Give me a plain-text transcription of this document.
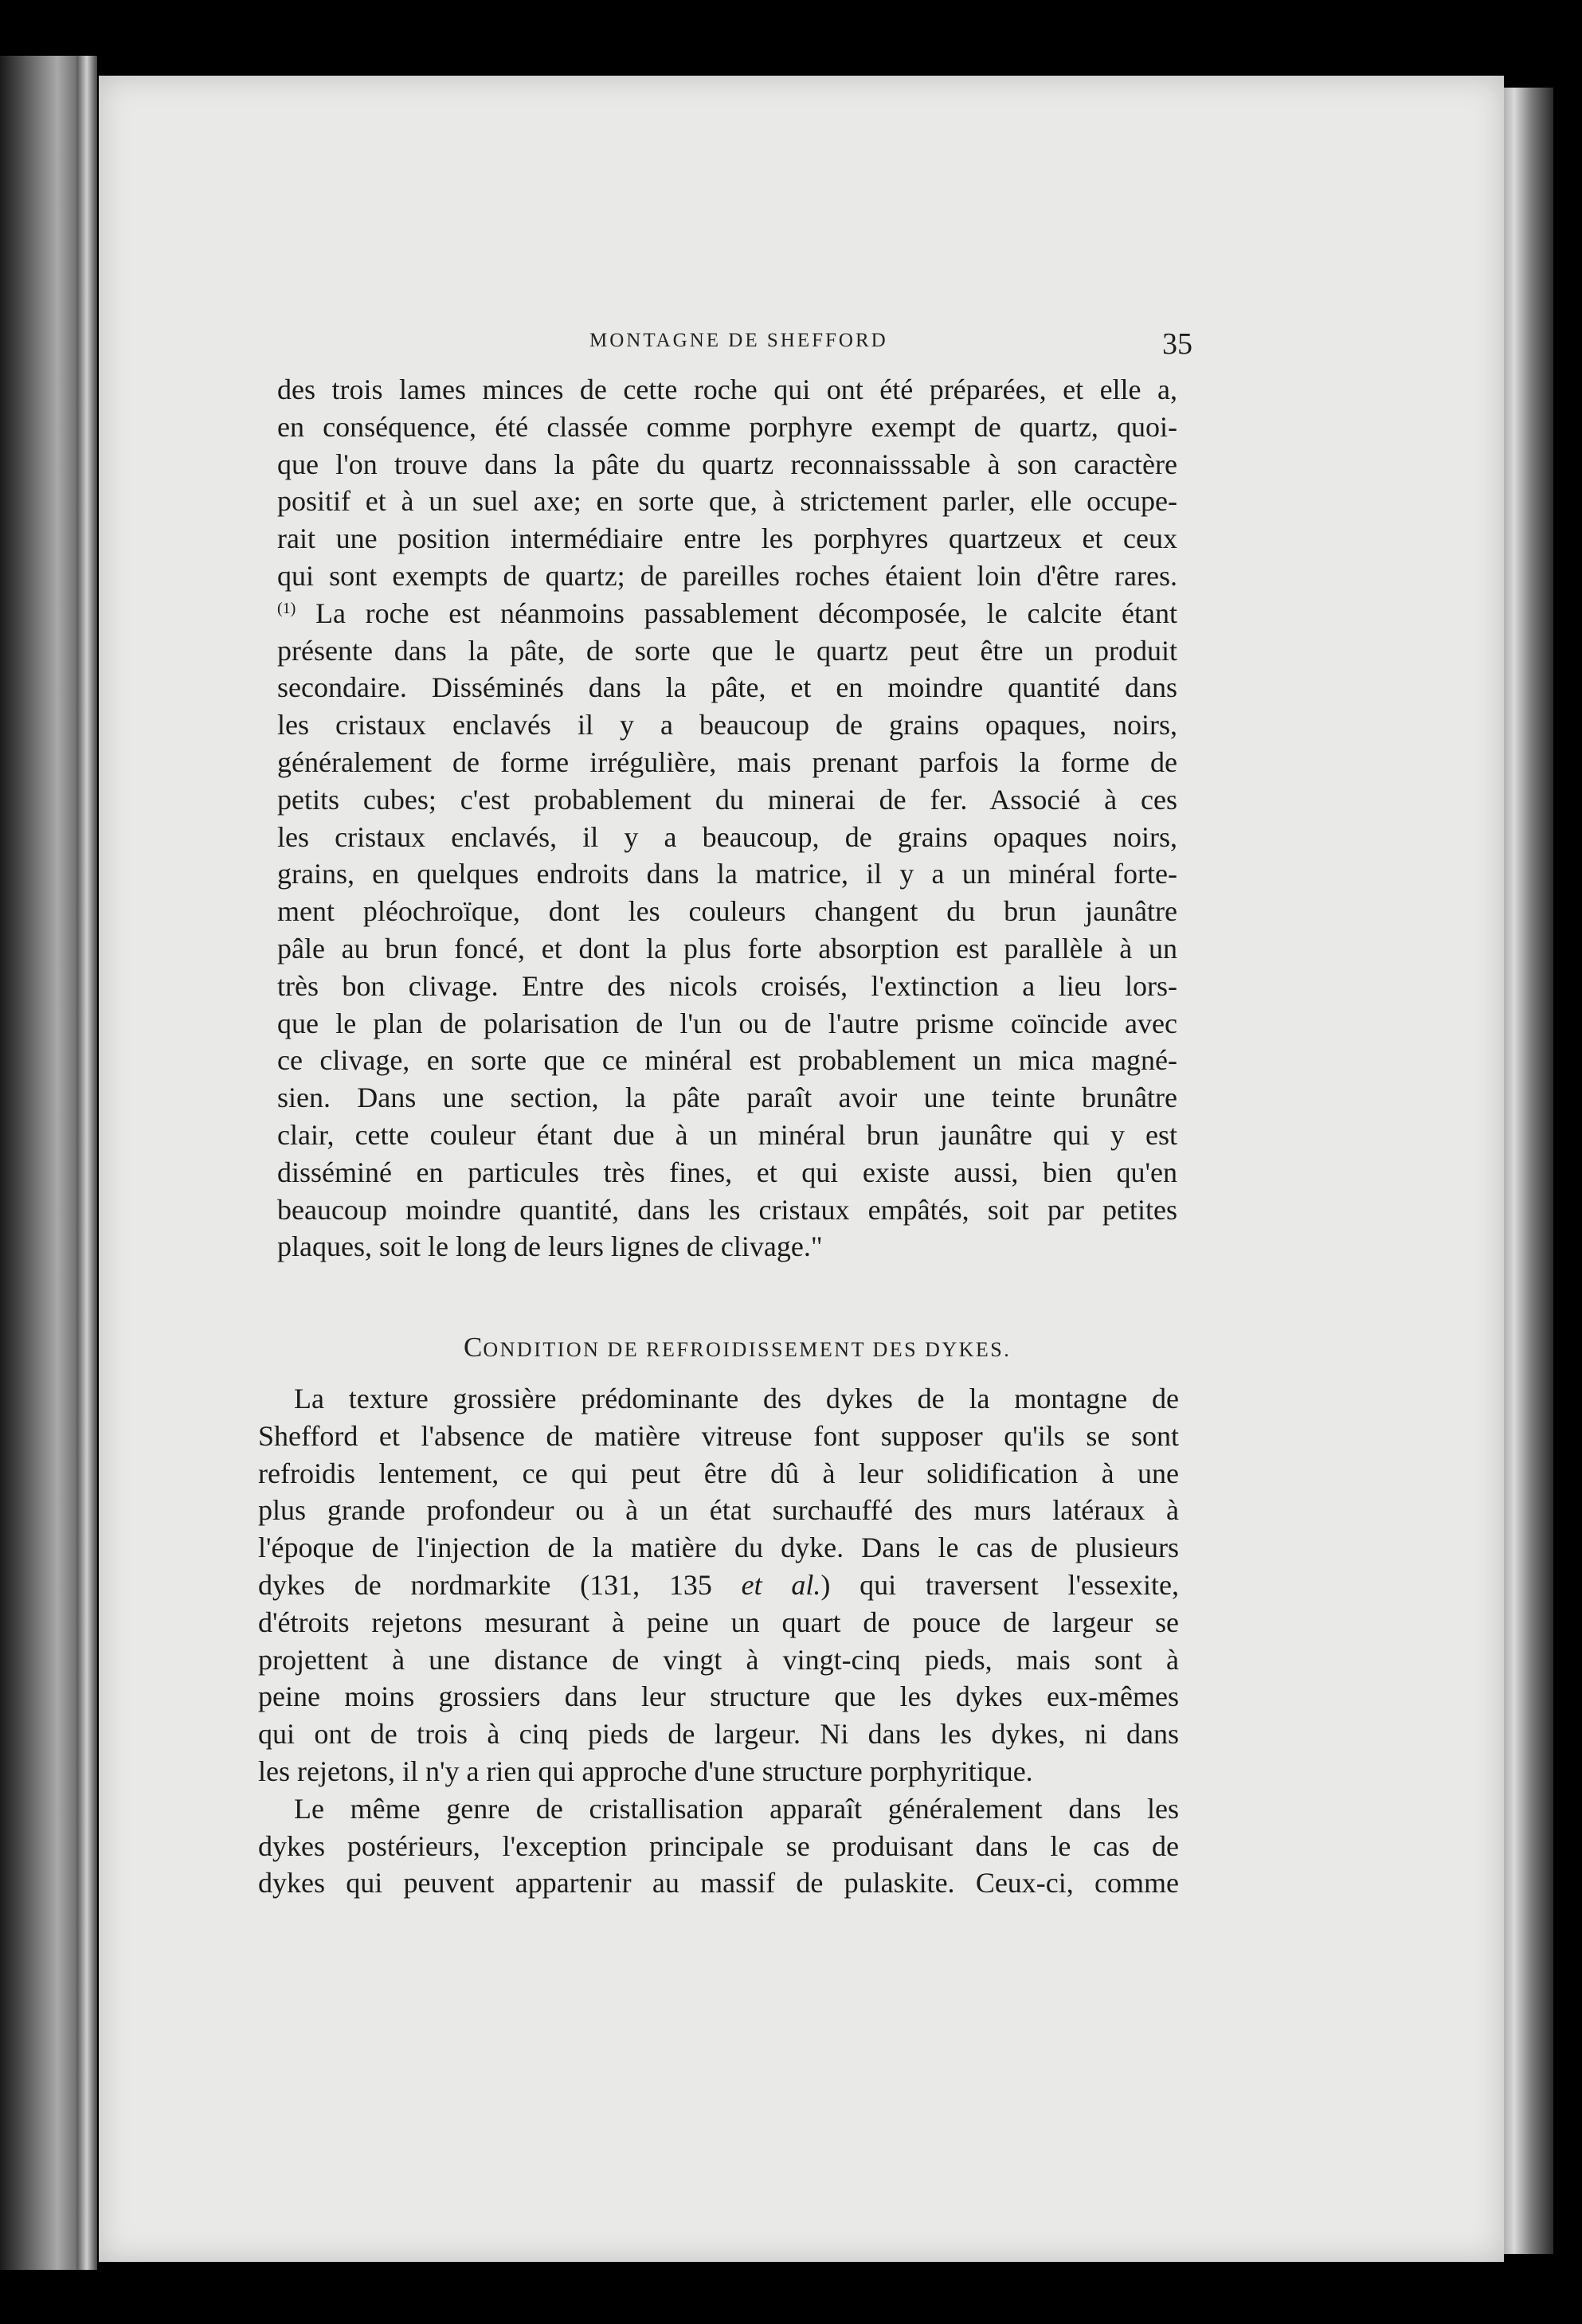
MONTAGNE DE SHEFFORD	35
des trois lames minces de cette roche qui ont été préparées, et elle a,
en conséquence, été classée comme porphyre exempt de quartz, quoi-
que l'on trouve dans la pâte du quartz reconnaisssable à son caractère
positif et à un suel axe; en sorte que, à strictement parler, elle occupe-
rait une position intermédiaire entre les porphyres quartzeux et ceux
qui sont exempts de quartz; de pareilles roches étaient loin d'être rares.
$^{(1)}$ La roche est néanmoins passablement décomposée, le calcite étant
présente dans la pâte, de sorte que le quartz peut être un produit
secondaire. Disséminés dans la pâte, et en moindre quantité dans
les cristaux enclavés il y a beaucoup de grains opaques, noirs,
généralement de forme irrégulière, mais prenant parfois la forme de
petits cubes; c'est probablement du minerai de fer. Associé à ces
les cristaux enclavés, il y a beaucoup, de grains opaques noirs,
grains, en quelques endroits dans la matrice, il y a un minéral forte-
ment pléochroïque, dont les couleurs changent du brun jaunâtre
pâle au brun foncé, et dont la plus forte absorption est parallèle à un
très bon clivage. Entre des nicols croisés, l'extinction a lieu lors-
que le plan de polarisation de l'un ou de l'autre prisme coïncide avec
ce clivage, en sorte que ce minéral est probablement un mica magné-
sien. Dans une section, la pâte paraît avoir une teinte brunâtre
clair, cette couleur étant due à un minéral brun jaunâtre qui y est
disséminé en particules très fines, et qui existe aussi, bien qu'en
beaucoup moindre quantité, dans les cristaux empâtés, soit par petites
plaques, soit le long de leurs lignes de clivage."
CONDITION DE REFROIDISSEMENT DES DYKES.
La texture grossière prédominante des dykes de la montagne de
Shefford et l'absence de matière vitreuse font supposer qu'ils se sont
refroidis lentement, ce qui peut être dû à leur solidification à une
plus grande profondeur ou à un état surchauffé des murs latéraux à
l'époque de l'injection de la matière du dyke. Dans le cas de plusieurs
dykes de nordmarkite (131, 135 et al.) qui traversent l'essexite,
d'étroits rejetons mesurant à peine un quart de pouce de largeur se
projettent à une distance de vingt à vingt-cinq pieds, mais sont à
peine moins grossiers dans leur structure que les dykes eux-mêmes
qui ont de trois à cinq pieds de largeur. Ni dans les dykes, ni dans
les rejetons, il n'y a rien qui approche d'une structure porphyritique.
Le même genre de cristallisation apparaît généralement dans les
dykes postérieurs, l'exception principale se produisant dans le cas de
dykes qui peuvent appartenir au massif de pulaskite. Ceux-ci, comme
